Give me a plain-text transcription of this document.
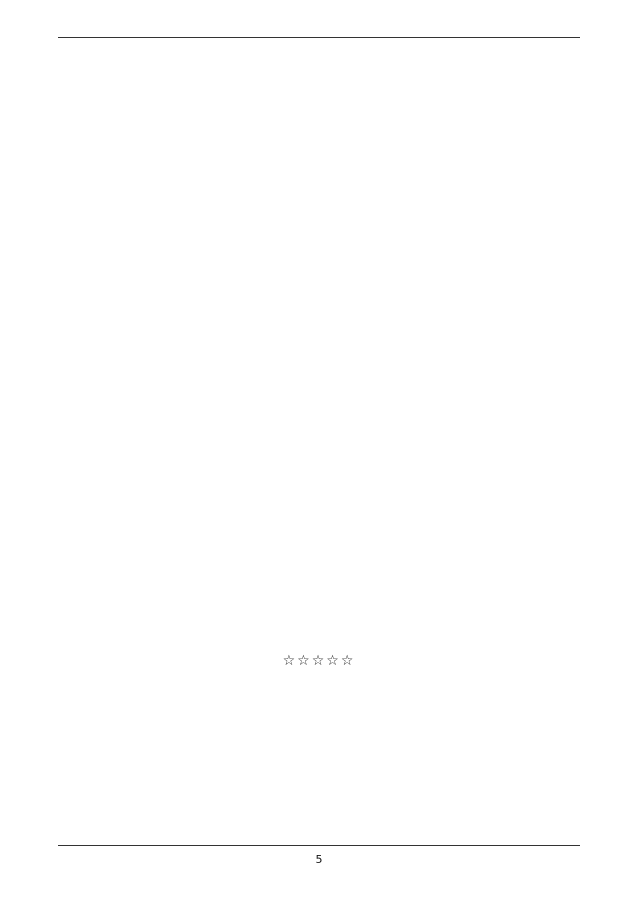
☆☆☆☆☆
5
